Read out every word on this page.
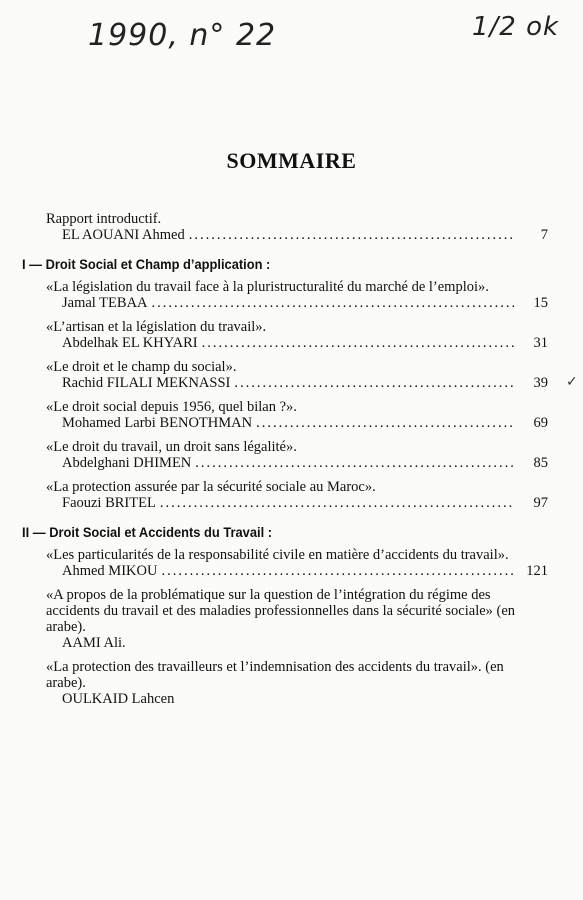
1990, n° 22	1/2 ok
SOMMAIRE
Rapport introductif.
EL AOUANI Ahmed .....	7
I — Droit Social et Champ d’application :
«La législation du travail face à la pluristructuralité du marché de l’emploi».
Jamal TEBAA .....	15
«L’artisan et la législation du travail».
Abdelhak EL KHYARI .....	31
«Le droit et le champ du social».
Rachid FILALI MEKNASSI .....	39
«Le droit social depuis 1956, quel bilan ?».
Mohamed Larbi BENOTHMAN .....	69
«Le droit du travail, un droit sans légalité».
Abdelghani DHIMEN .....	85
«La protection assurée par la sécurité sociale au Maroc».
Faouzi BRITEL .....	97
II — Droit Social et Accidents du Travail :
«Les particularités de la responsabilité civile en matière d’accidents du travail».
Ahmed MIKOU .....	121
«A propos de la problématique sur la question de l’intégration du régime des accidents du travail et des maladies professionnelles dans la sécurité sociale» (en arabe).
AAMI Ali.
«La protection des travailleurs et l’indemnisation des accidents du travail». (en arabe).
OULKAID Lahcen
✓
